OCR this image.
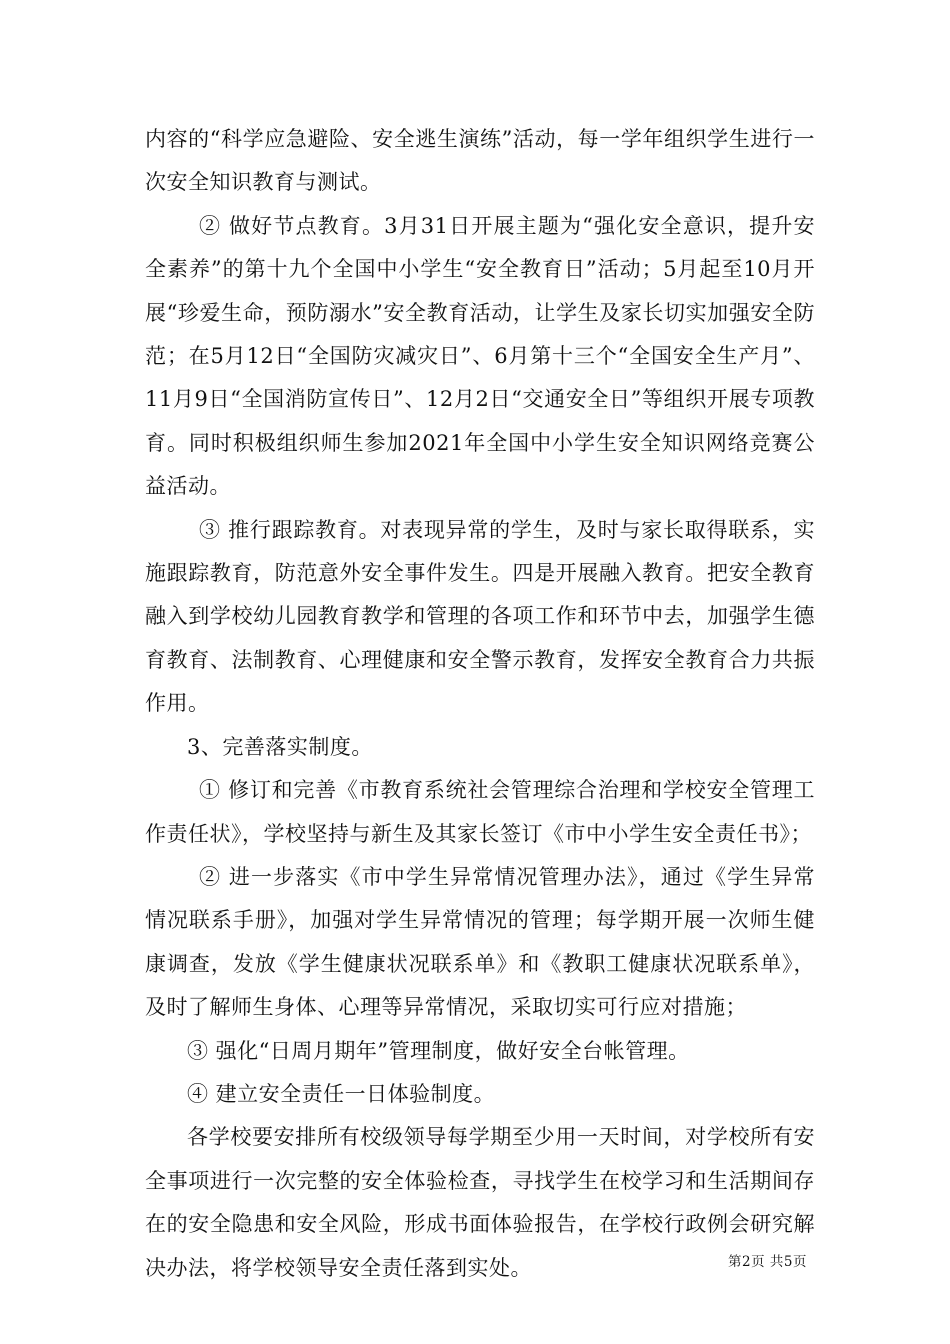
内容的“科学应急避险、安全逃生演练”活动，每一学年组织学生进行一次安全知识教育与测试。

② 做好节点教育。3月31日开展主题为“强化安全意识，提升安全素养”的第十九个全国中小学生“安全教育日”活动；5月起至10月开展“珍爱生命，预防溺水”安全教育活动，让学生及家长切实加强安全防范；在5月12日“全国防灾减灾日”、6月第十三个“全国安全生产月”、11月9日“全国消防宣传日”、12月2日“交通安全日”等组织开展专项教育。同时积极组织师生参加2021年全国中小学生安全知识网络竞赛公益活动。

③ 推行跟踪教育。对表现异常的学生，及时与家长取得联系，实施跟踪教育，防范意外安全事件发生。四是开展融入教育。把安全教育融入到学校幼儿园教育教学和管理的各项工作和环节中去，加强学生德育教育、法制教育、心理健康和安全警示教育，发挥安全教育合力共振作用。

3、完善落实制度。

① 修订和完善《市教育系统社会管理综合治理和学校安全管理工作责任状》，学校坚持与新生及其家长签订《市中小学生安全责任书》；

② 进一步落实《市中学生异常情况管理办法》，通过《学生异常情况联系手册》，加强对学生异常情况的管理；每学期开展一次师生健康调查，发放《学生健康状况联系单》和《教职工健康状况联系单》，及时了解师生身体、心理等异常情况，采取切实可行应对措施；

③ 强化“日周月期年”管理制度，做好安全台帐管理。

④ 建立安全责任一日体验制度。

各学校要安排所有校级领导每学期至少用一天时间，对学校所有安全事项进行一次完整的安全体验检查，寻找学生在校学习和生活期间存在的安全隐患和安全风险，形成书面体验报告，在学校行政例会研究解决办法，将学校领导安全责任落到实处。	第2页 共5页
